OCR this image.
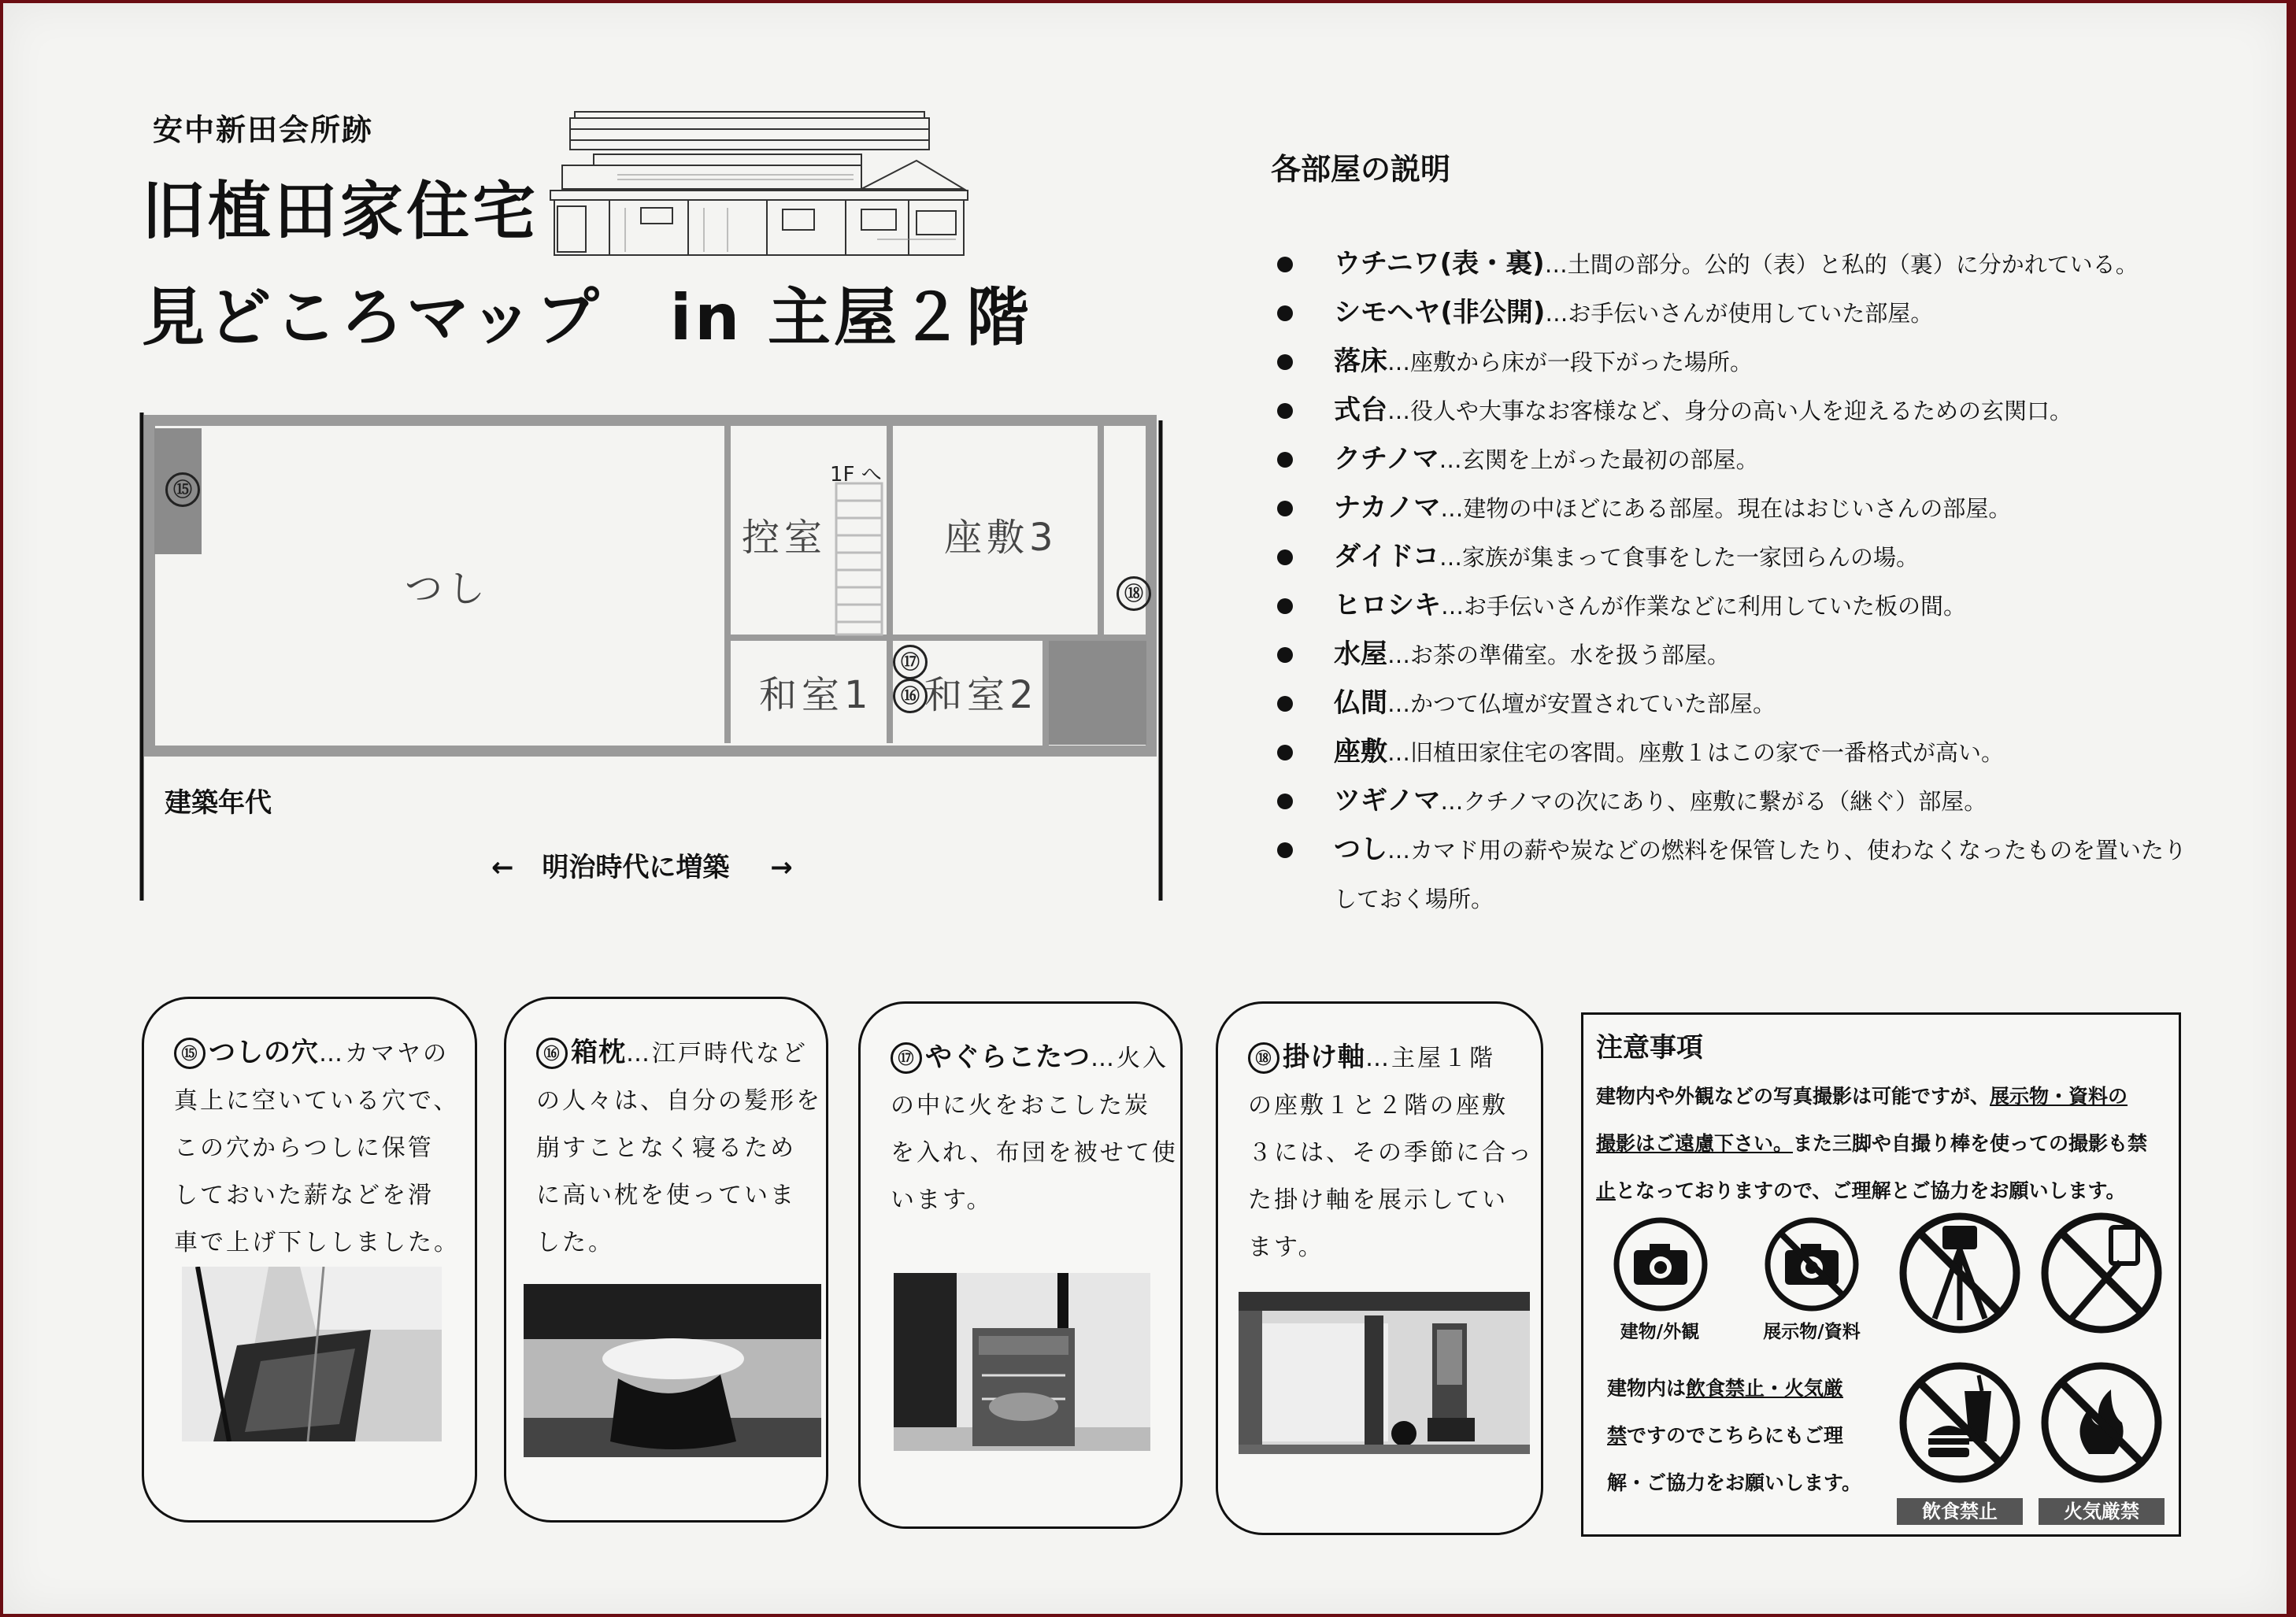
安中新田会所跡
旧植田家住宅
見どころマップ in 主屋２階
⑮
つし
控室
1F へ
座敷3
⑱
和室1
⑰
⑯ 和室2
建築年代
← 明治時代に増築 →
各部屋の説明
ウチニワ(表・裏)…土間の部分。公的（表）と私的（裏）に分かれている。
シモヘヤ(非公開)…お手伝いさんが使用していた部屋。
落床…座敷から床が一段下がった場所。
式台…役人や大事なお客様など、身分の高い人を迎えるための玄関口。
クチノマ…玄関を上がった最初の部屋。
ナカノマ…建物の中ほどにある部屋。現在はおじいさんの部屋。
ダイドコ…家族が集まって食事をした一家団らんの場。
ヒロシキ…お手伝いさんが作業などに利用していた板の間。
水屋…お茶の準備室。水を扱う部屋。
仏間…かつて仏壇が安置されていた部屋。
座敷…旧植田家住宅の客間。座敷１はこの家で一番格式が高い。
ツギノマ…クチノマの次にあり、座敷に繋がる（継ぐ）部屋。
つし…カマド用の薪や炭などの燃料を保管したり、使わなくなったものを置いたりしておく場所。
⑮ つしの穴…カマヤの
真上に空いている穴で、
この穴からつしに保管
しておいた薪などを滑
車で上げ下ししました。
⑯ 箱枕…江戸時代など
の人々は、自分の髪形を
崩すことなく寝るため
に高い枕を使っていま
した。
⑰ やぐらこたつ…火入
の中に火をおこした炭
を入れ、布団を被せて使
います。
⑱ 掛け軸…主屋１階
の座敷１と２階の座敷
３には、その季節に合っ
た掛け軸を展示してい
ます。
注意事項
建物内や外観などの写真撮影は可能ですが、展示物・資料の
撮影はご遠慮下さい。また三脚や自撮り棒を使っての撮影も禁
止となっておりますので、ご理解とご協力をお願いします。
建物/外観	展示物/資料
建物内は飲食禁止・火気厳
禁ですのでこちらにもご理
解・ご協力をお願いします。
飲食禁止	火気厳禁
